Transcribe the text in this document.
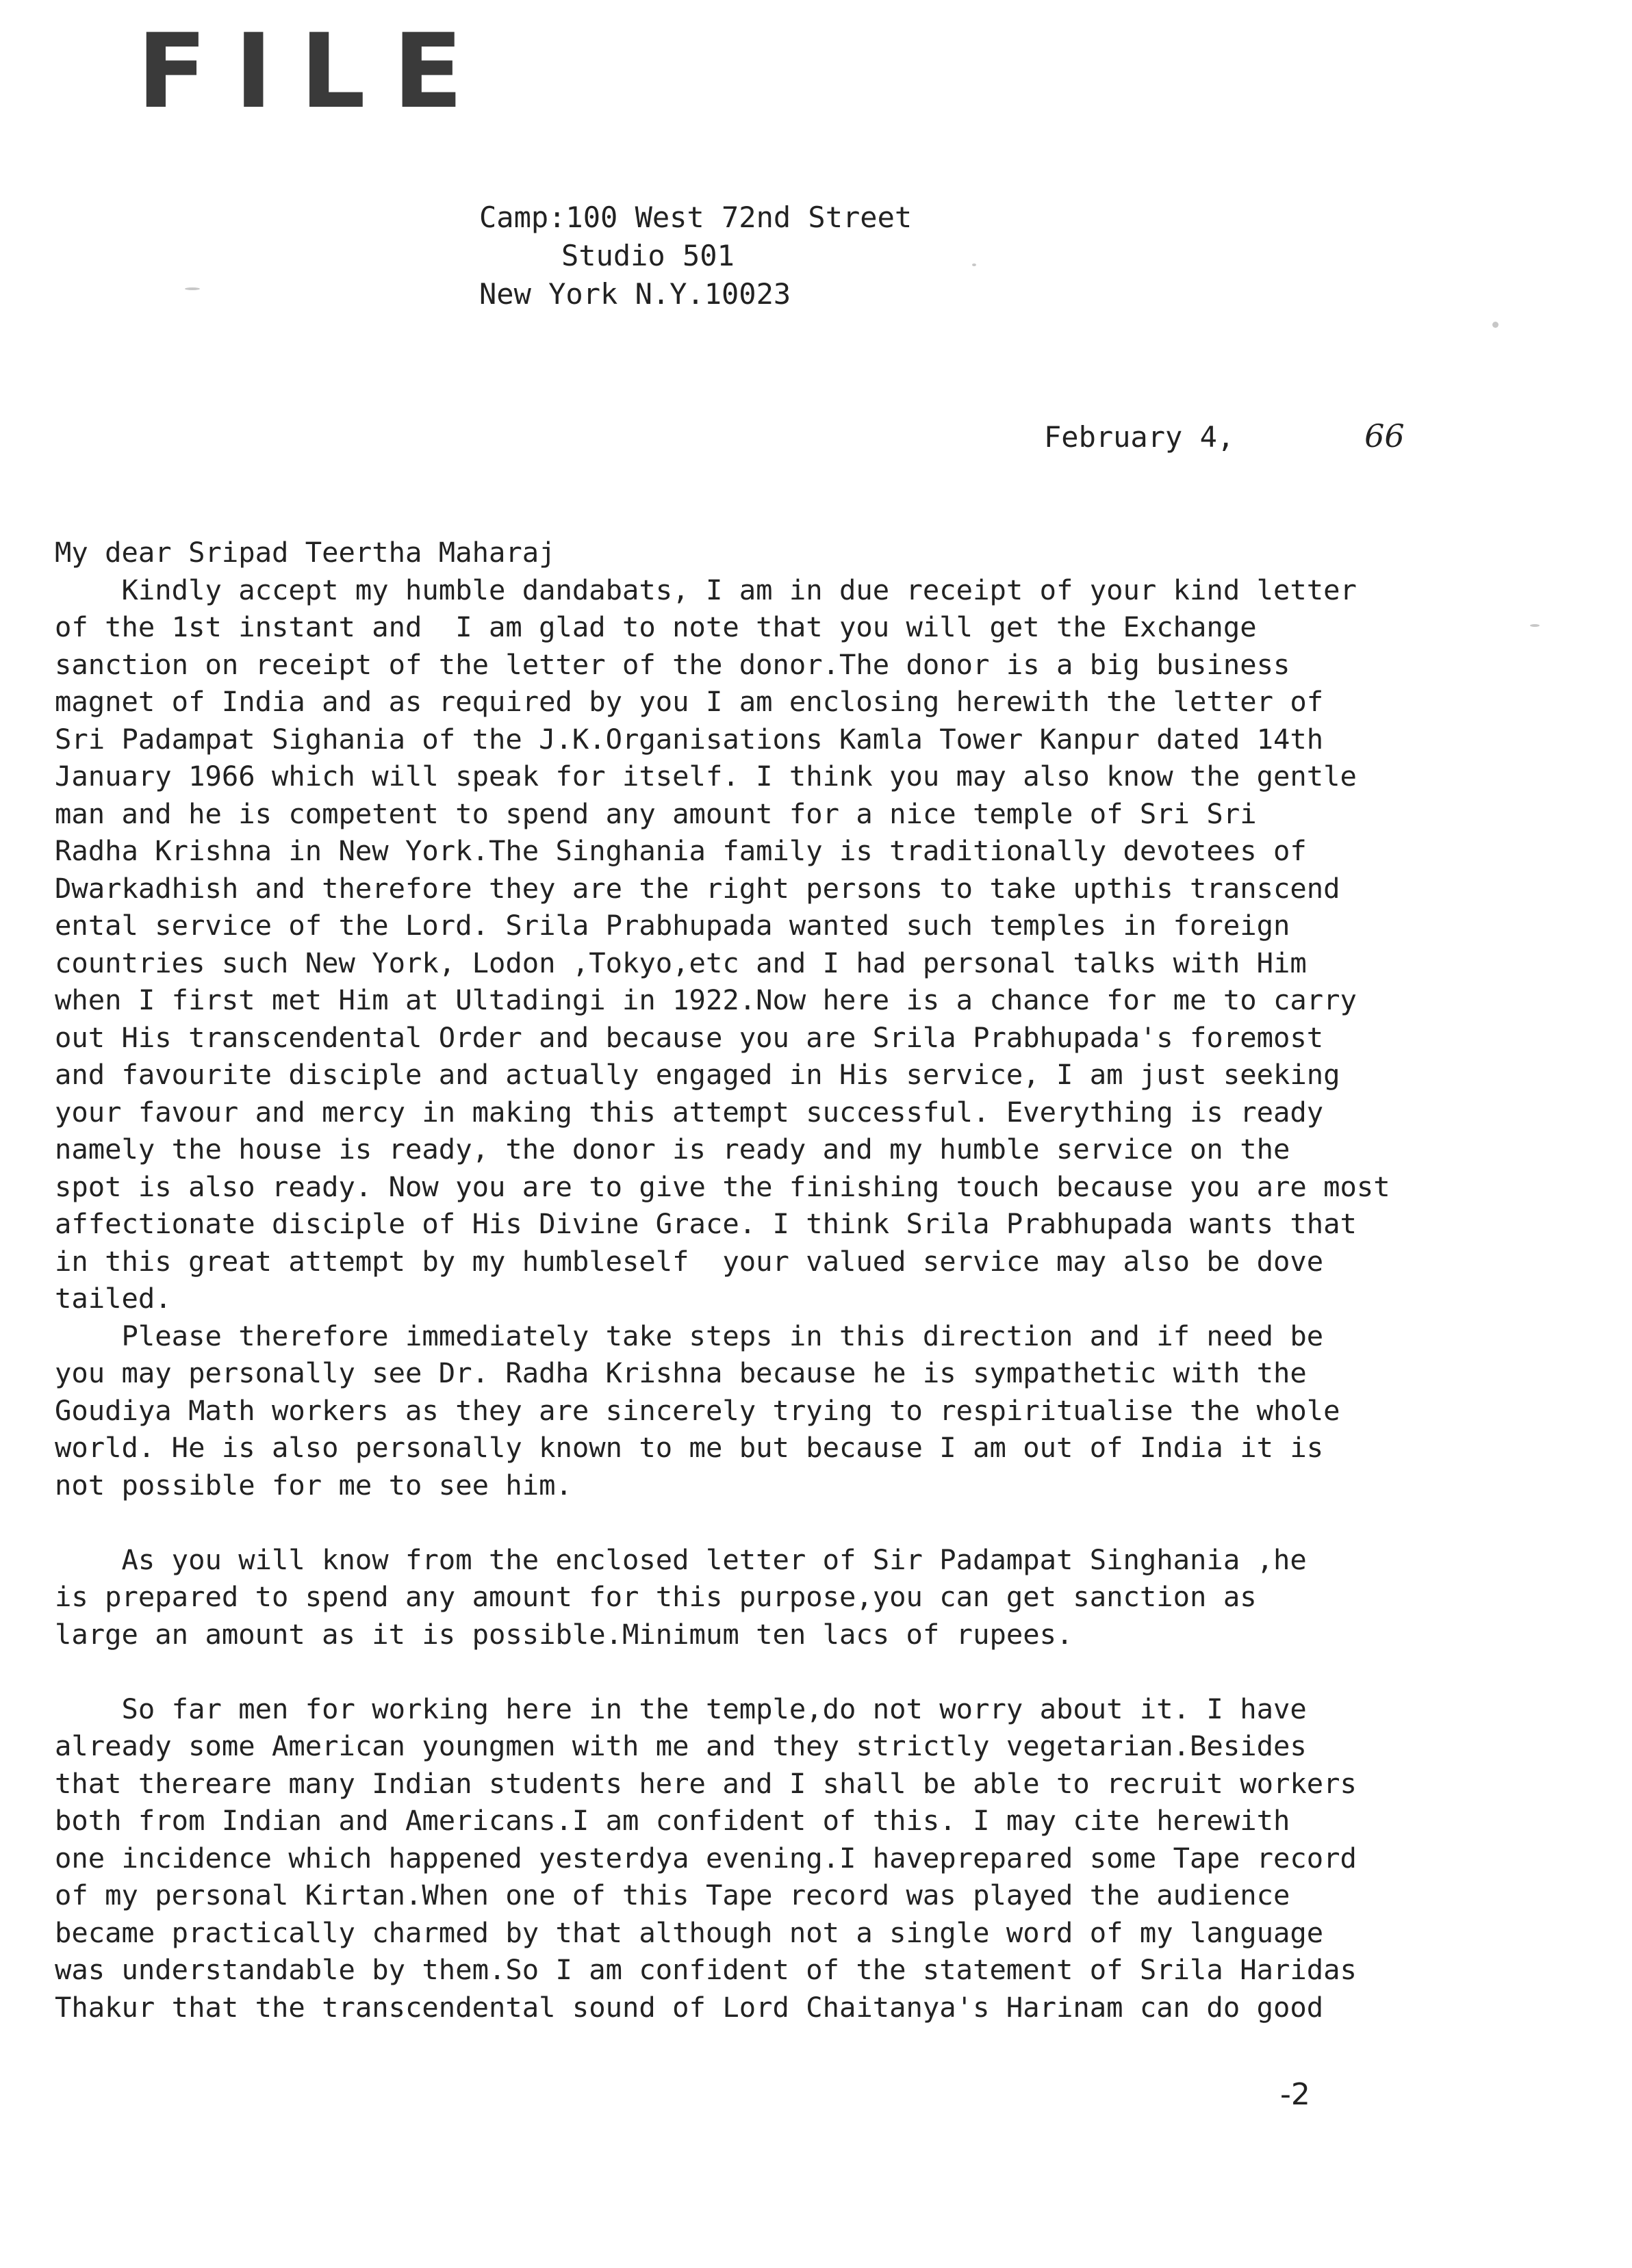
FILE
Camp:100 West 72nd Street
Studio 501
New York N.Y.10023
February 4,	66
My dear Sripad Teertha Maharaj
Kindly accept my humble dandabats, I am in due receipt of your kind letter
of the 1st instant and  I am glad to note that you will get the Exchange
sanction on receipt of the letter of the donor.The donor is a big business
magnet of India and as required by you I am enclosing herewith the letter of
Sri Padampat Sighania of the J.K.Organisations Kamla Tower Kanpur dated 14th
January 1966 which will speak for itself. I think you may also know the gentle
man and he is competent to spend any amount for a nice temple of Sri Sri
Radha Krishna in New York.The Singhania family is traditionally devotees of
Dwarkadhish and therefore they are the right persons to take upthis transcend
ental service of the Lord. Srila Prabhupada wanted such temples in foreign
countries such New York, Lodon ,Tokyo,etc and I had personal talks with Him
when I first met Him at Ultadingi in 1922.Now here is a chance for me to carry
out His transcendental Order and because you are Srila Prabhupada's foremost
and favourite disciple and actually engaged in His service, I am just seeking
your favour and mercy in making this attempt successful. Everything is ready
namely the house is ready, the donor is ready and my humble service on the
spot is also ready. Now you are to give the finishing touch because you are most
affectionate disciple of His Divine Grace. I think Srila Prabhupada wants that
in this great attempt by my humbleself  your valued service may also be dove
tailed.
Please therefore immediately take steps in this direction and if need be
you may personally see Dr. Radha Krishna because he is sympathetic with the
Goudiya Math workers as they are sincerely trying to respiritualise the whole
world. He is also personally known to me but because I am out of India it is
not possible for me to see him.
As you will know from the enclosed letter of Sir Padampat Singhania ,he
is prepared to spend any amount for this purpose,you can get sanction as
large an amount as it is possible.Minimum ten lacs of rupees.
So far men for working here in the temple,do not worry about it. I have
already some American youngmen with me and they strictly vegetarian.Besides
that thereare many Indian students here and I shall be able to recruit workers
both from Indian and Americans.I am confident of this. I may cite herewith
one incidence which happened yesterdya evening.I haveprepared some Tape record
of my personal Kirtan.When one of this Tape record was played the audience
became practically charmed by that although not a single word of my language
was understandable by them.So I am confident of the statement of Srila Haridas
Thakur that the transcendental sound of Lord Chaitanya's Harinam can do good
-2
